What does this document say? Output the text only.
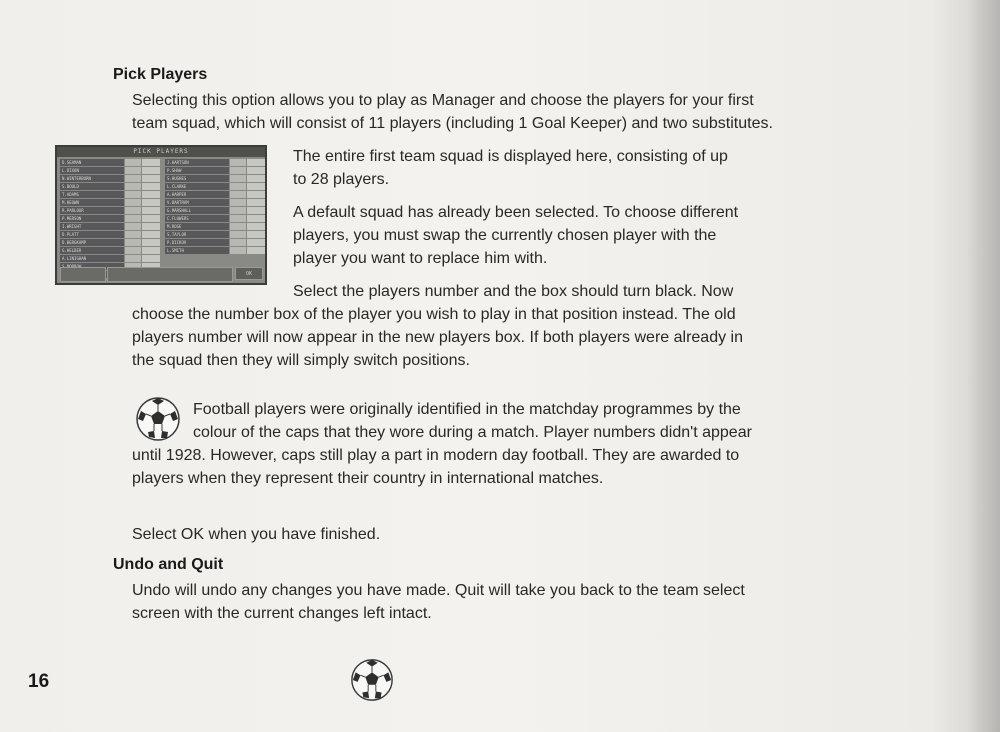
Pick Players

Selecting this option allows you to play as Manager and choose the players for your first

team squad, which will consist of 11 players (including 1 Goal Keeper) and two substitutes.

PICK PLAYERS
D.SEAMAN
L.DIXON
N.WINTERBURN
S.BOULD
T.ADAMS
M.KEOWN
R.PARLOUR
P.MERSON
I.WRIGHT
D.PLATT
D.BERGKAMP
G.HELDER
A.LINIGHAN
J.HARTSON
P.SHAW
S.HUGHES
L.CLARKE
A.HARPER
V.BARTRAM
G.MARSHALL
C.FLOWERS
M.ROSE
S.TAYLOR
P.DICKOV
L.SMITH
OK

The entire first team squad is displayed here, consisting of up

to 28 players.

A default squad has already been selected. To choose different

players, you must swap the currently chosen player with the

player you want to replace him with.

Select the players number and the box should turn black. Now

choose the number box of the player you wish to play in that position instead. The old

players number will now appear in the new players box. If both players were already in

the squad then they will simply switch positions.

Football players were originally identified in the matchday programmes by the

colour of the caps that they wore during a match. Player numbers didn't appear

until 1928. However, caps still play a part in modern day football. They are awarded to

players when they represent their country in international matches.

Select OK when you have finished.

Undo and Quit

Undo will undo any changes you have made. Quit will take you back to the team select

screen with the current changes left intact.

16
